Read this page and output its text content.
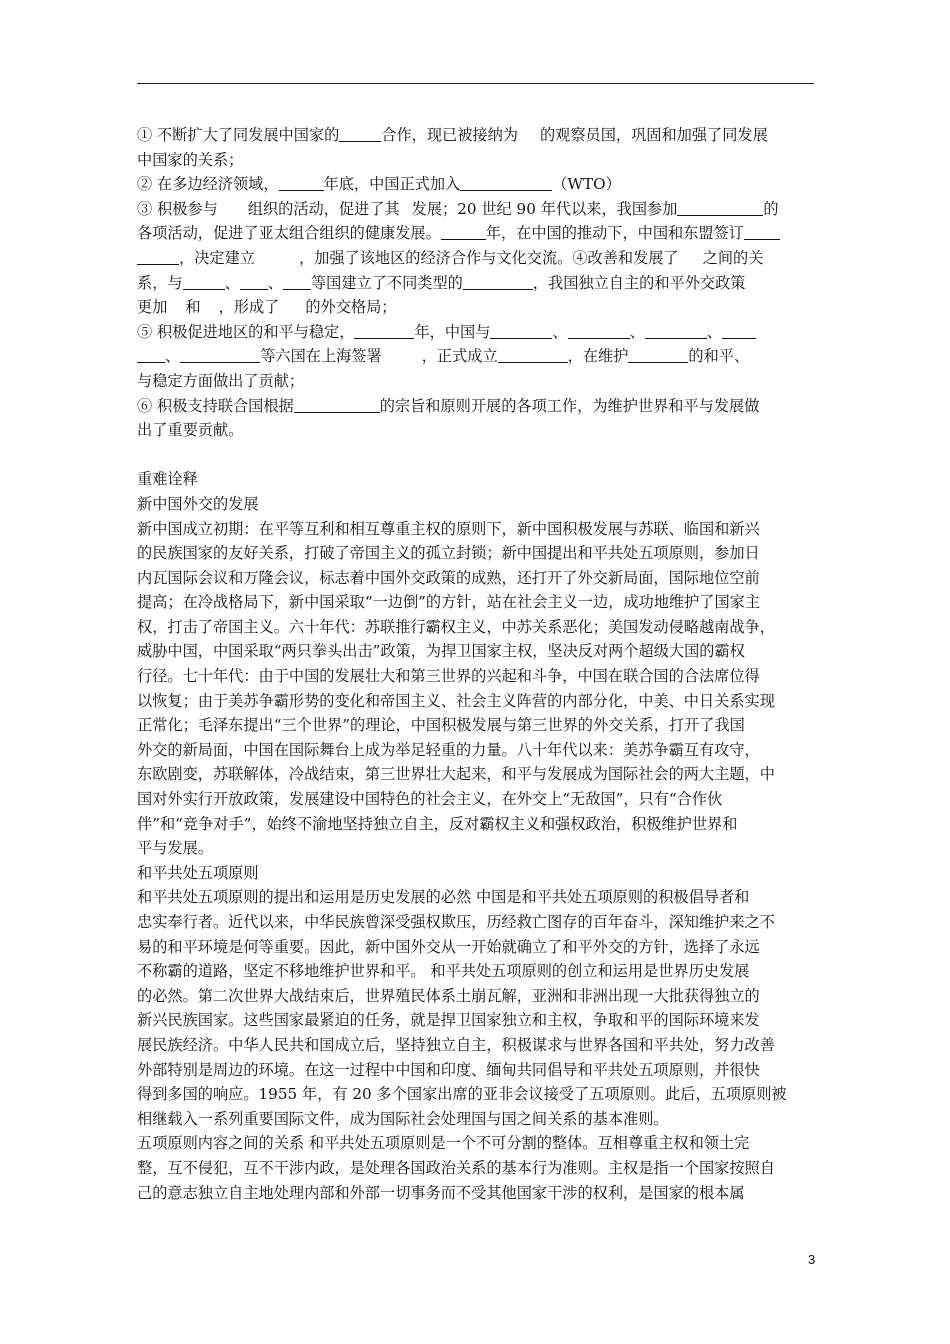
① 不断扩大了同发展中国家的	合作，现已被接纳为 的观察员国，巩固和加强了同发展
中国家的关系；
② 在多边经济领域，	年底，中国正式加入	（WTO）
③ 积极参与 组织的活动，促进了其 发展；20 世纪 90 年代以来，我国参加	的
各项活动，促进了亚太组合组织的健康发展。	年，在中国的推动下，中国和东盟签订
，决定建立	，加强了该地区的经济合作与文化交流。④改善和发展了 之间的关
系，与	、 、 等国建立了不同类型的	，我国独立自主的和平外交政策
更加 和 ，形成了 的外交格局；
⑤ 积极促进地区的和平与稳定，	年，中国与	、	、	、
、	等六国在上海签署	，正式成立	，在维护	的和平、
与稳定方面做出了贡献；
⑥ 积极支持联合国根据	的宗旨和原则开展的各项工作，为维护世界和平与发展做
出了重要贡献。
重难诠释
新中国外交的发展
新中国成立初期：在平等互利和相互尊重主权的原则下，新中国积极发展与苏联、临国和新兴
的民族国家的友好关系，打破了帝国主义的孤立封锁；新中国提出和平共处五项原则，参加日
内瓦国际会议和万隆会议，标志着中国外交政策的成熟，还打开了外交新局面，国际地位空前
提高；在冷战格局下，新中国采取“一边倒”的方针，站在社会主义一边，成功地维护了国家主
权，打击了帝国主义。六十年代：苏联推行霸权主义，中苏关系恶化；美国发动侵略越南战争，
威胁中国，中国采取“两只拳头出击”政策，为捍卫国家主权，坚决反对两个超级大国的霸权
行径。七十年代：由于中国的发展壮大和第三世界的兴起和斗争，中国在联合国的合法席位得
以恢复；由于美苏争霸形势的变化和帝国主义、社会主义阵营的内部分化，中美、中日关系实现
正常化；毛泽东提出“三个世界”的理论，中国积极发展与第三世界的外交关系，打开了我国
外交的新局面，中国在国际舞台上成为举足轻重的力量。八十年代以来：美苏争霸互有攻守，
东欧剧变，苏联解体，冷战结束，第三世界壮大起来，和平与发展成为国际社会的两大主题，中
国对外实行开放政策，发展建设中国特色的社会主义，在外交上“无敌国”，只有“合作伙
伴”和“竞争对手”，始终不渝地坚持独立自主，反对霸权主义和强权政治，积极维护世界和
平与发展。
和平共处五项原则
和平共处五项原则的提出和运用是历史发展的必然 中国是和平共处五项原则的积极倡导者和
忠实奉行者。近代以来，中华民族曾深受强权欺压，历经救亡图存的百年奋斗，深知维护来之不
易的和平环境是何等重要。因此，新中国外交从一开始就确立了和平外交的方针，选择了永远
不称霸的道路，坚定不移地维护世界和平。 和平共处五项原则的创立和运用是世界历史发展
的必然。第二次世界大战结束后，世界殖民体系土崩瓦解，亚洲和非洲出现一大批获得独立的
新兴民族国家。这些国家最紧迫的任务，就是捍卫国家独立和主权，争取和平的国际环境来发
展民族经济。中华人民共和国成立后，坚持独立自主，积极谋求与世界各国和平共处，努力改善
外部特别是周边的环境。在这一过程中中国和印度、缅甸共同倡导和平共处五项原则，并很快
得到多国的响应。1955 年，有 20 多个国家出席的亚非会议接受了五项原则。此后，五项原则被
相继载入一系列重要国际文件，成为国际社会处理国与国之间关系的基本准则。
五项原则内容之间的关系 和平共处五项原则是一个不可分割的整体。互相尊重主权和领土完
整，互不侵犯，互不干涉内政，是处理各国政治关系的基本行为准则。主权是指一个国家按照自
己的意志独立自主地处理内部和外部一切事务而不受其他国家干涉的权利，是国家的根本属
3
